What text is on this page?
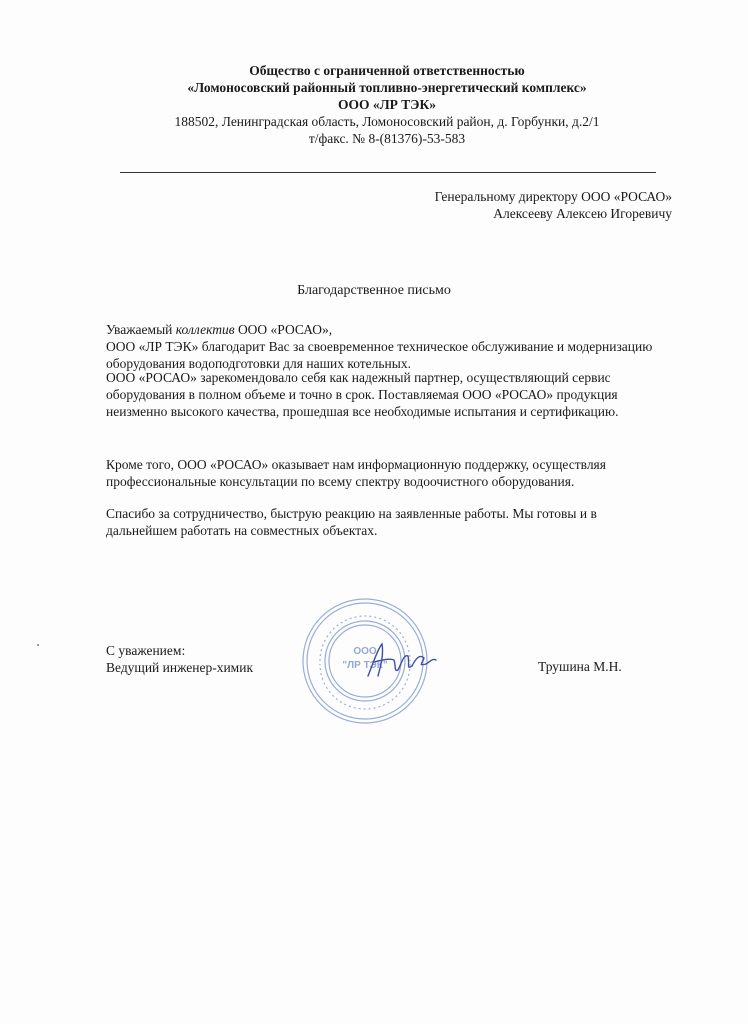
Общество с ограниченной ответственностью
«Ломоносовский районный топливно-энергетический комплекс»
ООО «ЛР ТЭК»
188502, Ленинградская область, Ломоносовский район, д. Горбунки, д.2/1
т/факс. № 8-(81376)-53-583
Генеральному директору ООО «РОСАО»
Алексееву Алексею Игоревичу
Благодарственное письмо

Уважаемый коллектив ООО «РОСАО»,

ООО «ЛР ТЭК» благодарит Вас за своевременное техническое обслуживание и модернизацию оборудования водоподготовки для наших котельных.

ООО «РОСАО» зарекомендовало себя как надежный партнер, осуществляющий сервис оборудования в полном объеме и точно в срок. Поставляемая ООО «РОСАО» продукция неизменно высокого качества, прошедшая все необходимые испытания и сертификацию.
Кроме того, ООО «РОСАО» оказывает нам информационную поддержку, осуществляя профессиональные консультации по всему спектру водоочистного оборудования.
Спасибо за сотрудничество, быструю реакцию на заявленные работы. Мы готовы и в дальнейшем работать на совместных объектах.
С уважением:
Ведущий инженер-химик
ООО
"ЛР ТЭК"	Трушина М.Н.
